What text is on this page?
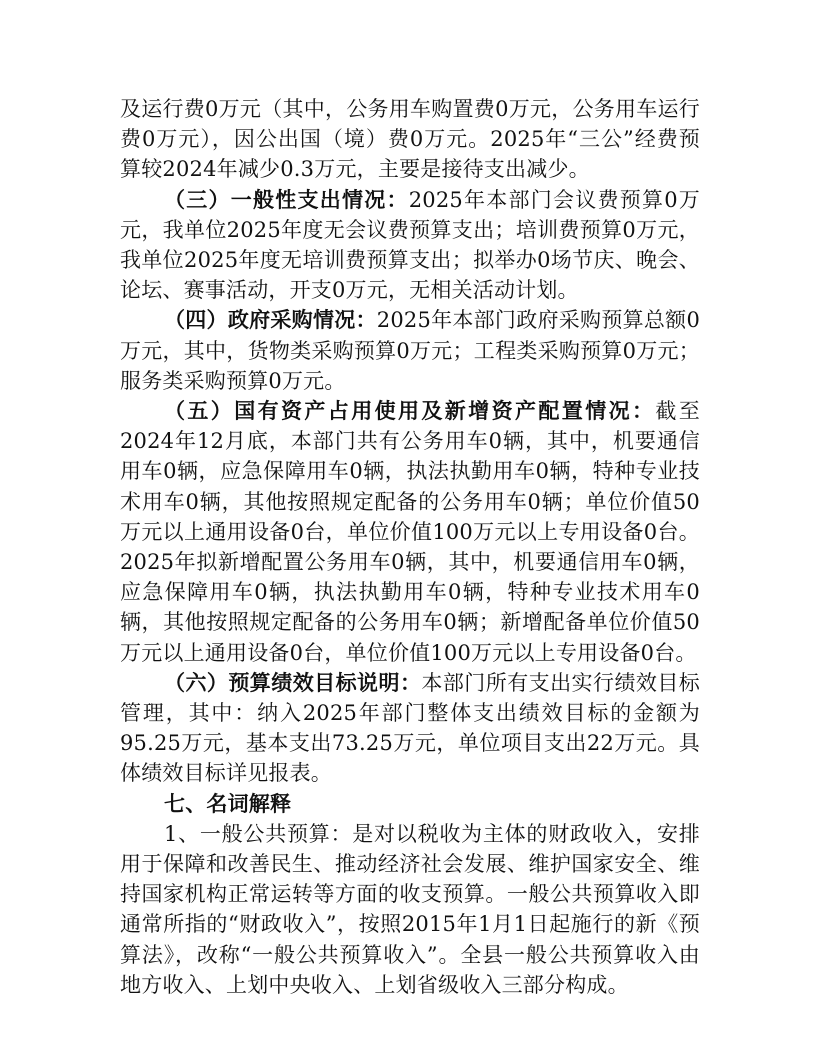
及运行费0万元（其中，公务用车购置费0万元，公务用车运行费0万元），因公出国（境）费0万元。2025年“三公”经费预算较2024年减少0.3万元，主要是接待支出减少。

（三）一般性支出情况：2025年本部门会议费预算0万元，我单位2025年度无会议费预算支出；培训费预算0万元，我单位2025年度无培训费预算支出；拟举办0场节庆、晚会、论坛、赛事活动，开支0万元，无相关活动计划。

（四）政府采购情况：2025年本部门政府采购预算总额0万元，其中，货物类采购预算0万元；工程类采购预算0万元；服务类采购预算0万元。

（五）国有资产占用使用及新增资产配置情况：截至2024年12月底，本部门共有公务用车0辆，其中，机要通信用车0辆，应急保障用车0辆，执法执勤用车0辆，特种专业技术用车0辆，其他按照规定配备的公务用车0辆；单位价值50万元以上通用设备0台，单位价值100万元以上专用设备0台。2025年拟新增配置公务用车0辆，其中，机要通信用车0辆，应急保障用车0辆，执法执勤用车0辆，特种专业技术用车0辆，其他按照规定配备的公务用车0辆；新增配备单位价值50万元以上通用设备0台，单位价值100万元以上专用设备0台。

（六）预算绩效目标说明：本部门所有支出实行绩效目标管理，其中：纳入2025年部门整体支出绩效目标的金额为95.25万元，基本支出73.25万元，单位项目支出22万元。具体绩效目标详见报表。

七、名词解释

1、一般公共预算：是对以税收为主体的财政收入，安排用于保障和改善民生、推动经济社会发展、维护国家安全、维持国家机构正常运转等方面的收支预算。一般公共预算收入即通常所指的“财政收入”，按照2015年1月1日起施行的新《预算法》，改称“一般公共预算收入”。全县一般公共预算收入由地方收入、上划中央收入、上划省级收入三部分构成。
